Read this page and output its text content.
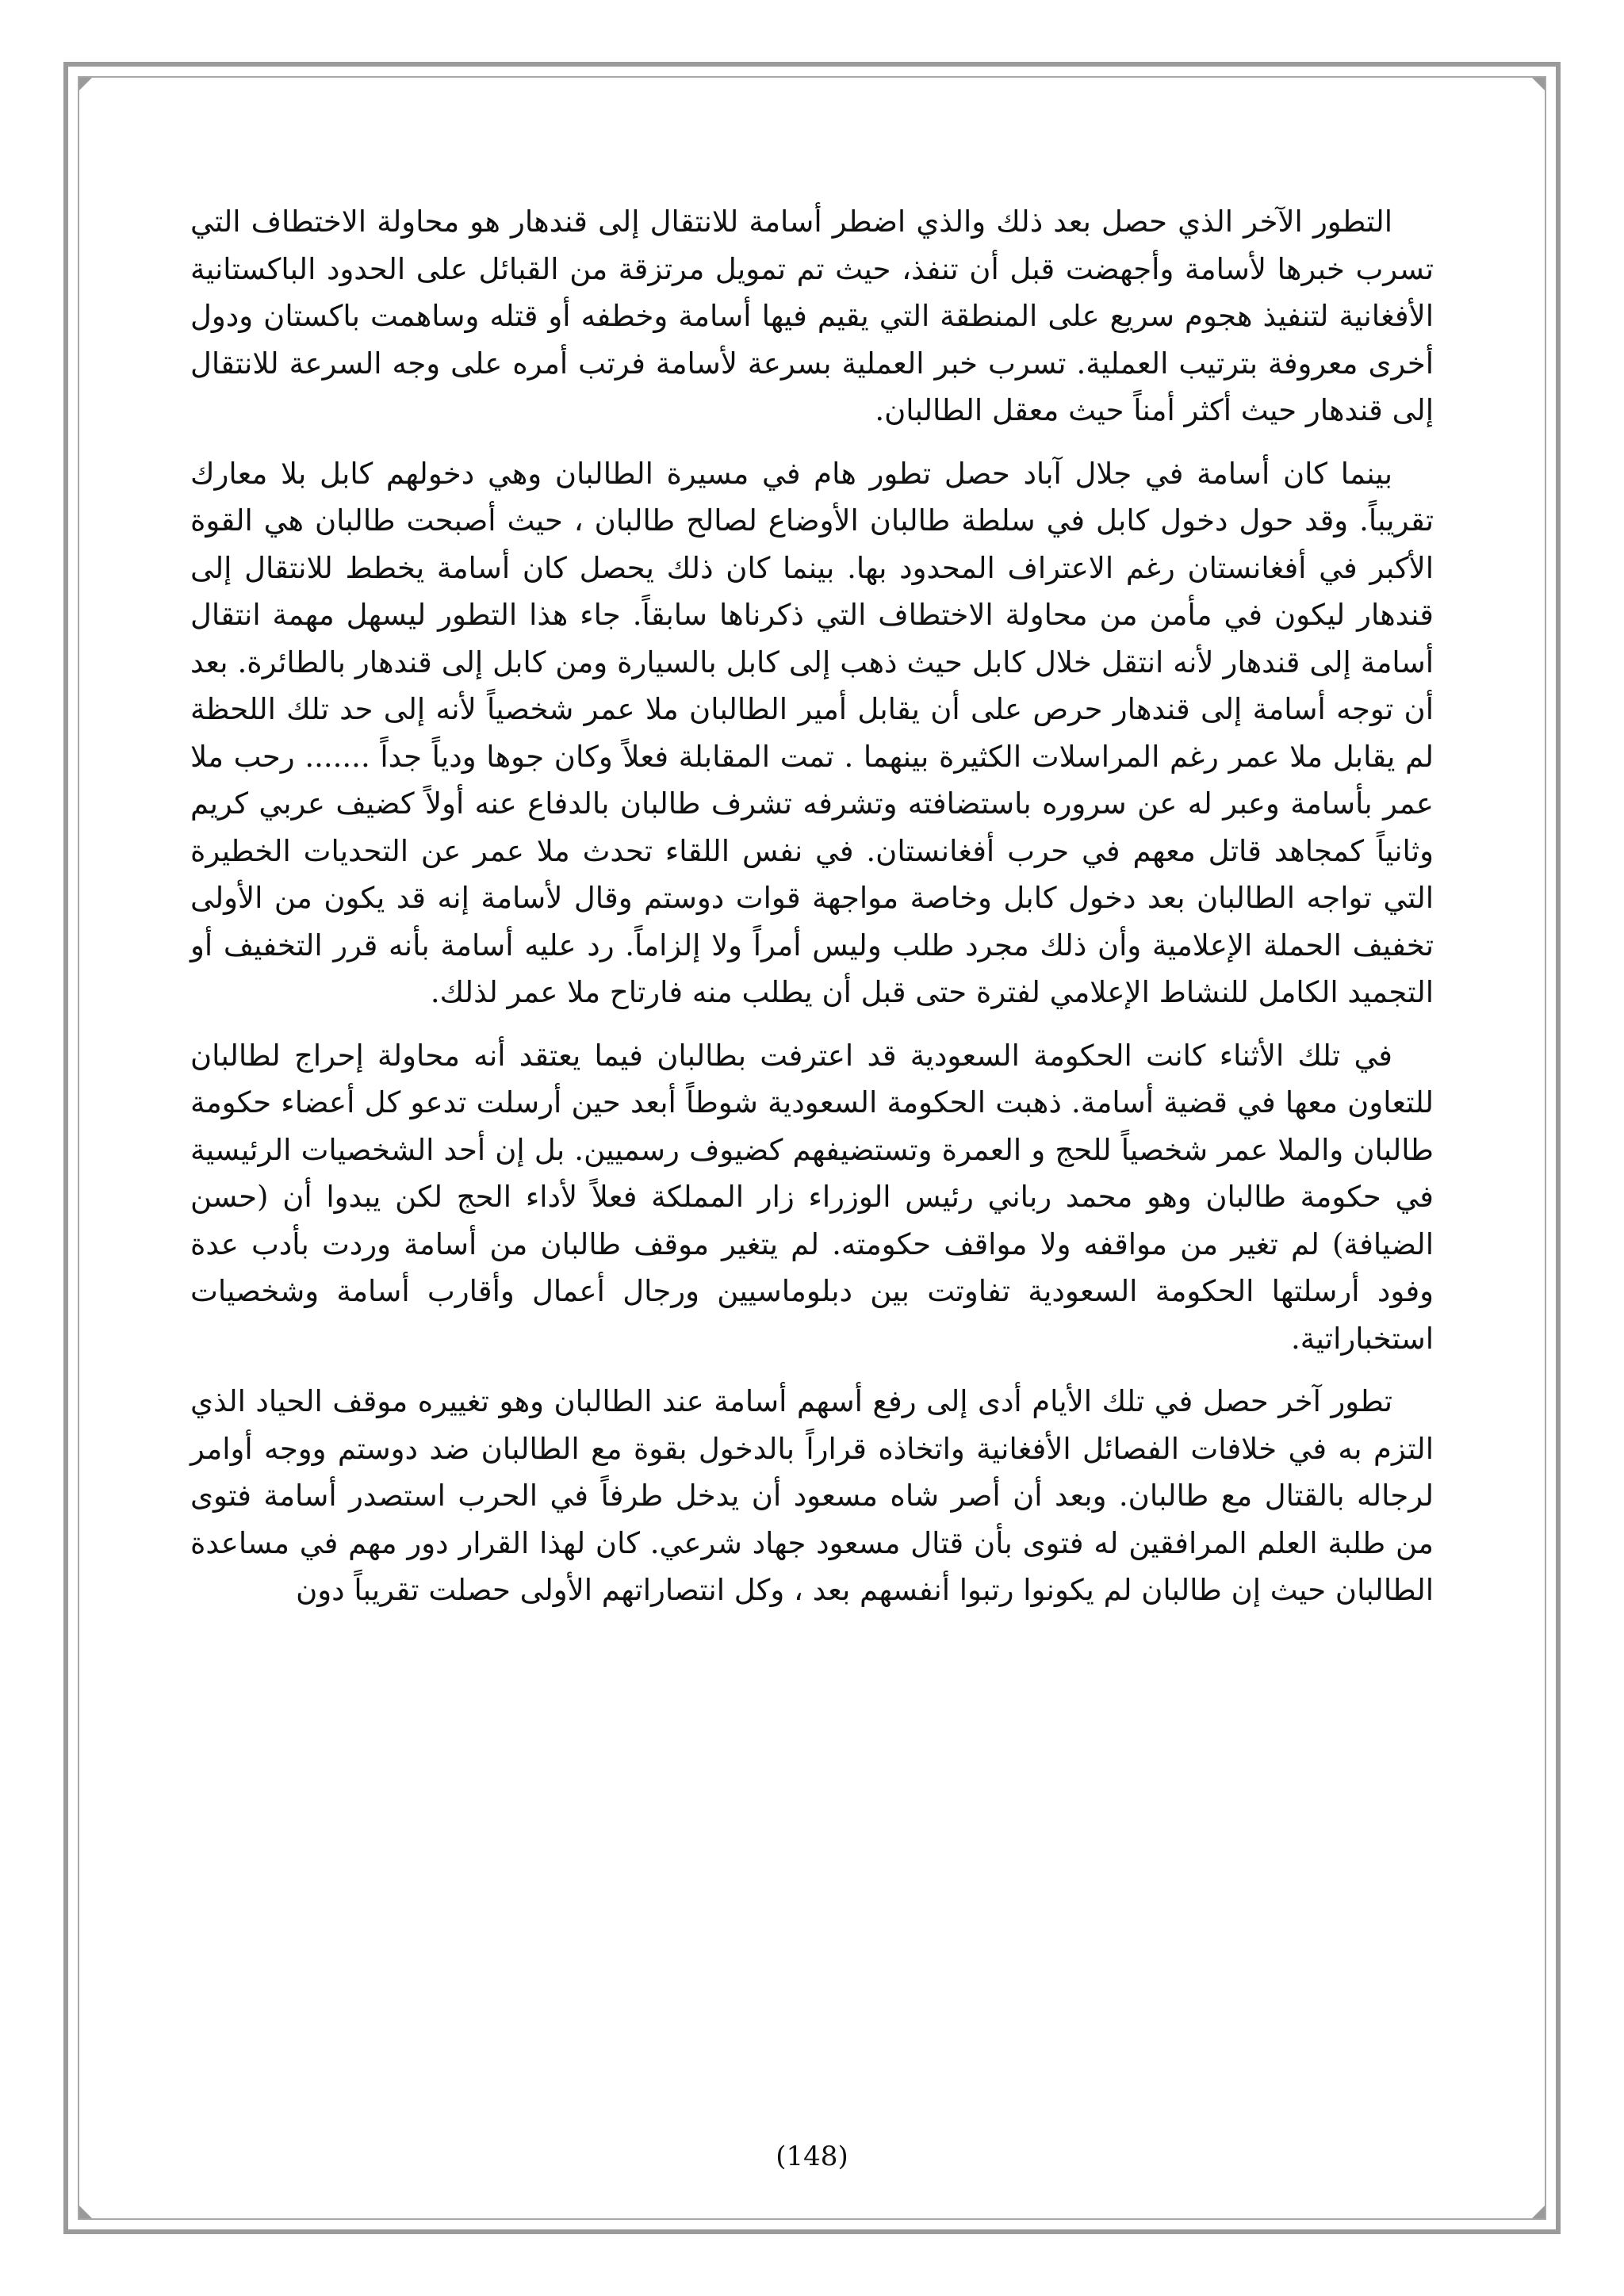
التطور الآخر الذي حصل بعد ذلك والذي اضطر أسامة للانتقال إلى قندهار هو محاولة الاختطاف التي تسرب خبرها لأسامة وأجهضت قبل أن تنفذ، حيث تم تمويل مرتزقة من القبائل على الحدود الباكستانية الأفغانية لتنفيذ هجوم سريع على المنطقة التي يقيم فيها أسامة وخطفه أو قتله وساهمت باكستان ودول أخرى معروفة بترتيب العملية. تسرب خبر العملية بسرعة لأسامة فرتب أمره على وجه السرعة للانتقال إلى قندهار حيث أكثر أمناً حيث معقل الطالبان.

بينما كان أسامة في جلال آباد حصل تطور هام في مسيرة الطالبان وهي دخولهم كابل بلا معارك تقريباً. وقد حول دخول كابل في سلطة طالبان الأوضاع لصالح طالبان ، حيث أصبحت طالبان هي القوة الأكبر في أفغانستان رغم الاعتراف المحدود بها. بينما كان ذلك يحصل كان أسامة يخطط للانتقال إلى قندهار ليكون في مأمن من محاولة الاختطاف التي ذكرناها سابقاً. جاء هذا التطور ليسهل مهمة انتقال أسامة إلى قندهار لأنه انتقل خلال كابل حيث ذهب إلى كابل بالسيارة ومن كابل إلى قندهار بالطائرة. بعد أن توجه أسامة إلى قندهار حرص على أن يقابل أمير الطالبان ملا عمر شخصياً لأنه إلى حد تلك اللحظة لم يقابل ملا عمر رغم المراسلات الكثيرة بينهما . تمت المقابلة فعلاً وكان جوها ودياً جداً ....... رحب ملا عمر بأسامة وعبر له عن سروره باستضافته وتشرفه تشرف طالبان بالدفاع عنه أولاً كضيف عربي كريم وثانياً كمجاهد قاتل معهم في حرب أفغانستان. في نفس اللقاء تحدث ملا عمر عن التحديات الخطيرة التي تواجه الطالبان بعد دخول كابل وخاصة مواجهة قوات دوستم وقال لأسامة إنه قد يكون من الأولى تخفيف الحملة الإعلامية وأن ذلك مجرد طلب وليس أمراً ولا إلزاماً. رد عليه أسامة بأنه قرر التخفيف أو التجميد الكامل للنشاط الإعلامي لفترة حتى قبل أن يطلب منه فارتاح ملا عمر لذلك.

في تلك الأثناء كانت الحكومة السعودية قد اعترفت بطالبان فيما يعتقد أنه محاولة إحراج لطالبان للتعاون معها في قضية أسامة. ذهبت الحكومة السعودية شوطاً أبعد حين أرسلت تدعو كل أعضاء حكومة طالبان والملا عمر شخصياً للحج و العمرة وتستضيفهم كضيوف رسميين. بل إن أحد الشخصيات الرئيسية في حكومة طالبان وهو محمد رباني رئيس الوزراء زار المملكة فعلاً لأداء الحج لكن يبدوا أن (حسن الضيافة) لم تغير من مواقفه ولا مواقف حكومته. لم يتغير موقف طالبان من أسامة وردت بأدب عدة وفود أرسلتها الحكومة السعودية تفاوتت بين دبلوماسيين ورجال أعمال وأقارب أسامة وشخصيات استخباراتية.

تطور آخر حصل في تلك الأيام أدى إلى رفع أسهم أسامة عند الطالبان وهو تغييره موقف الحياد الذي التزم به في خلافات الفصائل الأفغانية واتخاذه قراراً بالدخول بقوة مع الطالبان ضد دوستم ووجه أوامر لرجاله بالقتال مع طالبان. وبعد أن أصر شاه مسعود أن يدخل طرفاً في الحرب استصدر أسامة فتوى من طلبة العلم المرافقين له فتوى بأن قتال مسعود جهاد شرعي. كان لهذا القرار دور مهم في مساعدة الطالبان حيث إن طالبان لم يكونوا رتبوا أنفسهم بعد ، وكل انتصاراتهم الأولى حصلت تقريباً دون

(148)
